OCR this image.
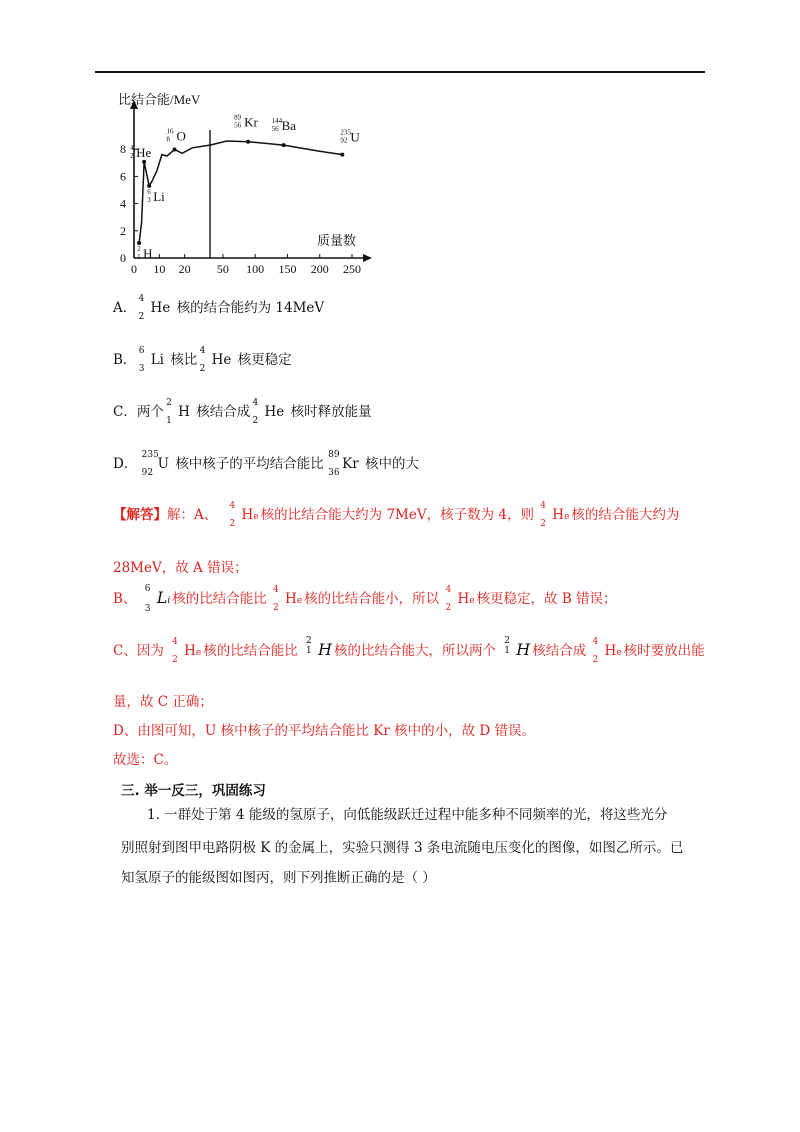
比结合能/MeV
质量数
0
2
4
6
8
0 10 20 50 100 150 200 250
2
1 H
4
2 He
6
3 Li
16
8 O
89
56 Kr 144
56 Ba	235
92 U
A．
4
2
He 核的结合能约为 14MeV
B．
6
3
Li 核比
4
2
He 核更稳定
C．两个
2
1
H 核结合成
4
2
He 核时释放能量
D．
235
92
U 核中核子的平均结合能比
89
36
Kr 核中的大
【解答】解：A、
4
2
He 核的比结合能大约为 7MeV，核子数为 4，则
4
2
He 核的结合能大约为
28MeV，故 A 错误；
B、
6
3
Li 核的比结合能比
4
2
He 核的比结合能小，所以
4
2
He 核更稳定，故 B 错误；
C、因为
4
2
He 核的比结合能比
2
1 H 核的比结合能大，所以两个
2
1 H 核结合成
4
2
He 核时要放出能
量，故 C 正确；
D、由图可知，U 核中核子的平均结合能比 Kr 核中的小，故 D 错误。
故选：C。
三. 举一反三，巩固练习
1. 一群处于第 4 能级的氢原子，向低能级跃迁过程中能多种不同频率的光，将这些光分
别照射到图甲电路阴极 K 的金属上，实验只测得 3 条电流随电压变化的图像，如图乙所示。已
知氢原子的能级图如图丙，则下列推断正确的是（ ）
